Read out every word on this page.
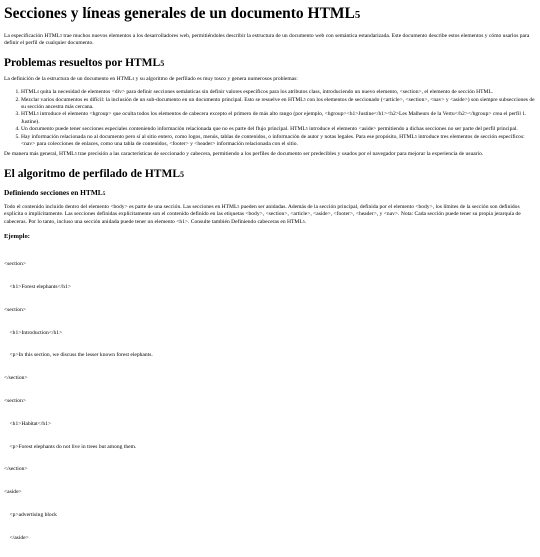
Secciones y líneas generales de un documento $HTML_5$

La especificación $HTML_5$ trae muchos nuevos elementos a los desarrolladores web, permitiéndoles describir la estructura de un documento web con semántica estandarizada. Este documento describe estos elementos y cómo usarlos para definir el perfil de cualquier documento.

Problemas resueltos por $HTML_5$

La definición de la estructura de un documento en $HTML_4$ y su algoritmo de perfilado es muy tosco y genera numerosos problemas:

1. $HTML_4$ quita la necesidad de elementos <div> para definir secciones semánticas sin definir valores específicos para los atributos class, introduciendo un nuevo elemento, <section>, el elemento de sección HTML.
2. Mezclar varios documentos es difícil: la inclusión de un sub-documento en un documento principal. Esto se resuelve en $HTML_5$ con los elementos de seccionado (<article>, <section>, <nav> y <aside>) son siempre subsecciones de su sección ancestra más cercana.
3. $HTML_5$ introduce el elemento <hgroup> que oculta todos los elementos de cabecera excepto el primero de más alto rango (por ejemplo, <hgroup><h1>Justine</h1><h2>Les Malheurs de la Vertu</h2></hgroup> crea el perfil 1. Justine).
4. Un documento puede tener secciones especiales conteniendo información relacionada que no es parte del flujo principal. $HTML_5$ introduce el elemento <aside> permitiendo a dichas secciones no ser parte del perfil principal.
5. Hay información relacionada no al documento pero sí al sitio entero, como logos, menús, tablas de contenidos, o información de autor y notas legales. Para ese propósito, $HTML_5$ introduce tres elementos de sección específicos: <nav> para colecciones de enlaces, como una tabla de contenidos, <footer> y <header> información relacionada con el sitio.

De manera más general, $HTML_5$ trae precisión a las características de seccionado y cabecera, permitiendo a los perfiles de documento ser predecibles y usados por el navegador para mejorar la experiencia de usuario.

El algoritmo de perfilado de $HTML_5$
Definiendo secciones en $HTML_5$

Todo el contenido incluido dentro del elemento <body> es parte de una sección. Las secciones en $HTML_5$ pueden ser anidadas. Además de la sección principal, definida por el elemento <body>, los límites de la sección son definidos explícita o implícitamente. Las secciones definidas explícitamente son el contenido definido en las etiquetas <body>, <section>, <article>, <aside>, <footer>, <header>, y <nav>. Nota: Cada sección puede tener su propia jerarquía de cabeceras. Por lo tanto, incluso una sección anidada puede tener un elemento <h1>. Consulte también Definiendo cabeceras en $HTML_5$.

Ejemplo:

<section>

<h1>Forest elephants</h1>

<section>

<h1>Introduction</h1>

<p>In this section, we discuss the lesser known forest elephants.

</section>

<section>

<h1>Habitat</h1>

<p>Forest elephants do not live in trees but among them.

</section>

<aside>

<p>advertising block

</aside>
